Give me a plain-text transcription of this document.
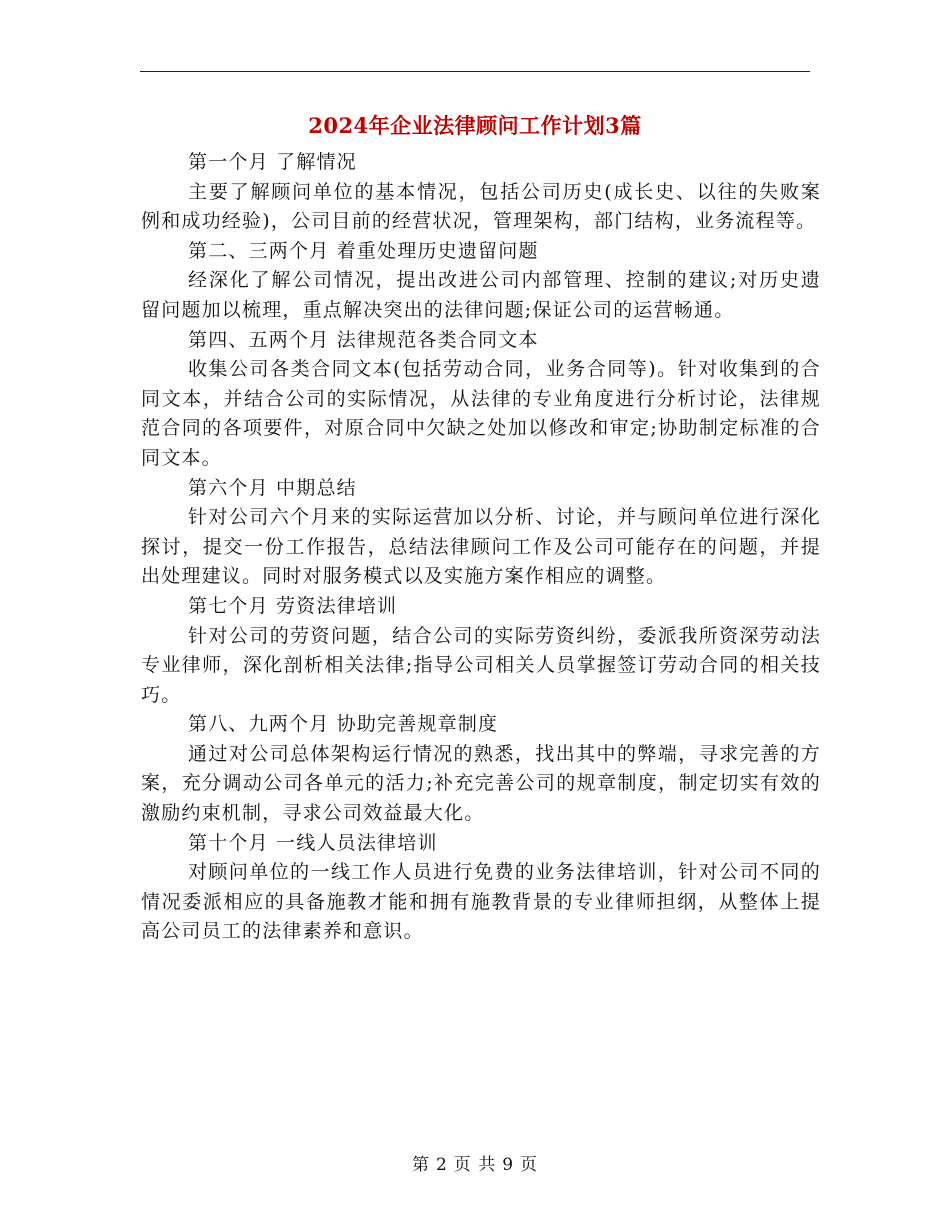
2024年企业法律顾问工作计划3篇

第一个月 了解情况

主要了解顾问单位的基本情况，包括公司历史(成长史、以往的失败案例和成功经验)，公司目前的经营状况，管理架构，部门结构，业务流程等。

第二、三两个月 着重处理历史遗留问题

经深化了解公司情况，提出改进公司内部管理、控制的建议;对历史遗留问题加以梳理，重点解决突出的法律问题;保证公司的运营畅通。

第四、五两个月 法律规范各类合同文本

收集公司各类合同文本(包括劳动合同，业务合同等)。针对收集到的合同文本，并结合公司的实际情况，从法律的专业角度进行分析讨论，法律规范合同的各项要件，对原合同中欠缺之处加以修改和审定;协助制定标准的合同文本。

第六个月 中期总结

针对公司六个月来的实际运营加以分析、讨论，并与顾问单位进行深化探讨，提交一份工作报告，总结法律顾问工作及公司可能存在的问题，并提出处理建议。同时对服务模式以及实施方案作相应的调整。

第七个月 劳资法律培训

针对公司的劳资问题，结合公司的实际劳资纠纷，委派我所资深劳动法专业律师，深化剖析相关法律;指导公司相关人员掌握签订劳动合同的相关技巧。

第八、九两个月 协助完善规章制度

通过对公司总体架构运行情况的熟悉，找出其中的弊端，寻求完善的方案，充分调动公司各单元的活力;补充完善公司的规章制度，制定切实有效的激励约束机制，寻求公司效益最大化。

第十个月 一线人员法律培训

对顾问单位的一线工作人员进行免费的业务法律培训，针对公司不同的情况委派相应的具备施教才能和拥有施教背景的专业律师担纲，从整体上提高公司员工的法律素养和意识。

第 2 页 共 9 页
